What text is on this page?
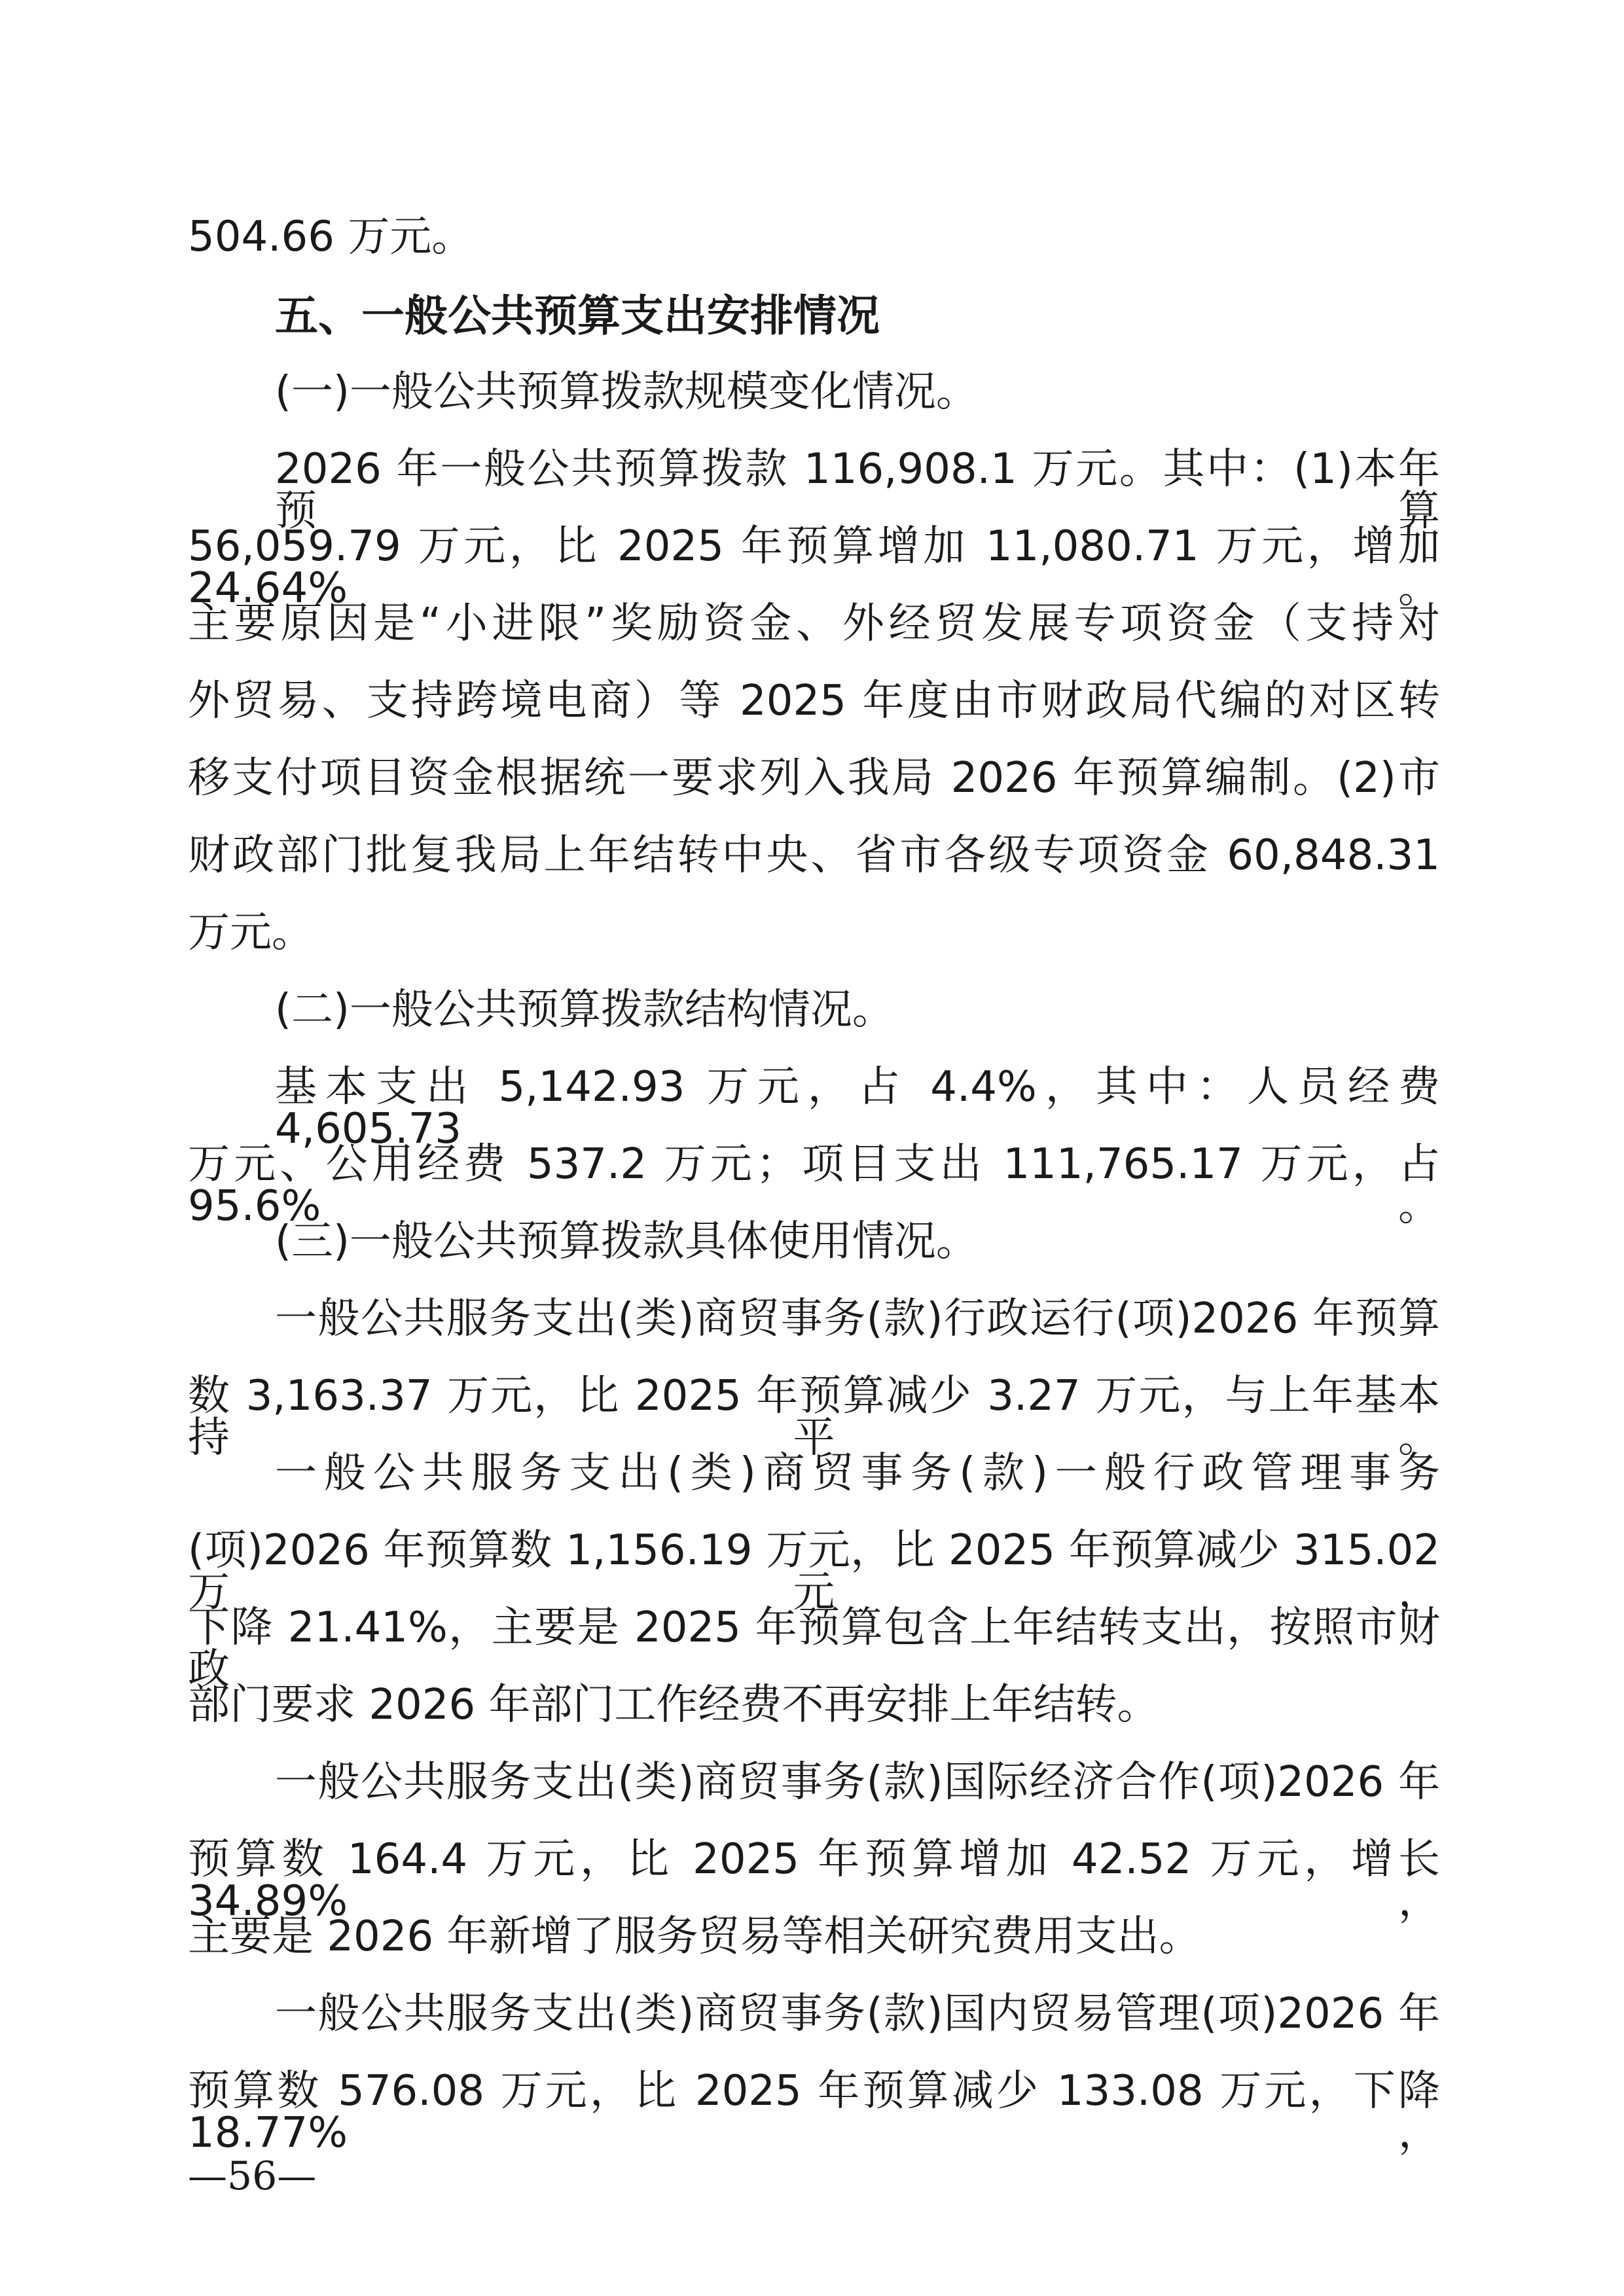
504.66 万元。
五、一般公共预算支出安排情况
(一)一般公共预算拨款规模变化情况。
2026 年一般公共预算拨款 116,908.1 万元。其中：(1)本年预算
56,059.79 万元，比 2025 年预算增加 11,080.71 万元，增加 24.64%。
主要原因是“小进限”奖励资金、外经贸发展专项资金（支持对
外贸易、支持跨境电商）等 2025 年度由市财政局代编的对区转
移支付项目资金根据统一要求列入我局 2026 年预算编制。(2)市
财政部门批复我局上年结转中央、省市各级专项资金 60,848.31
万元。
(二)一般公共预算拨款结构情况。
基本支出 5,142.93 万元，占 4.4%，其中：人员经费 4,605.73
万元、公用经费 537.2 万元；项目支出 111,765.17 万元，占 95.6%。
(三)一般公共预算拨款具体使用情况。
一般公共服务支出(类)商贸事务(款)行政运行(项)2026 年预算
数 3,163.37 万元，比 2025 年预算减少 3.27 万元，与上年基本持平。
一般公共服务支出(类)商贸事务(款)一般行政管理事务
(项)2026 年预算数 1,156.19 万元，比 2025 年预算减少 315.02 万元，
下降 21.41%，主要是 2025 年预算包含上年结转支出，按照市财政
部门要求 2026 年部门工作经费不再安排上年结转。
一般公共服务支出(类)商贸事务(款)国际经济合作(项)2026 年
预算数 164.4 万元，比 2025 年预算增加 42.52 万元，增长 34.89%，
主要是 2026 年新增了服务贸易等相关研究费用支出。
一般公共服务支出(类)商贸事务(款)国内贸易管理(项)2026 年
预算数 576.08 万元，比 2025 年预算减少 133.08 万元，下降 18.77%，
—56—
